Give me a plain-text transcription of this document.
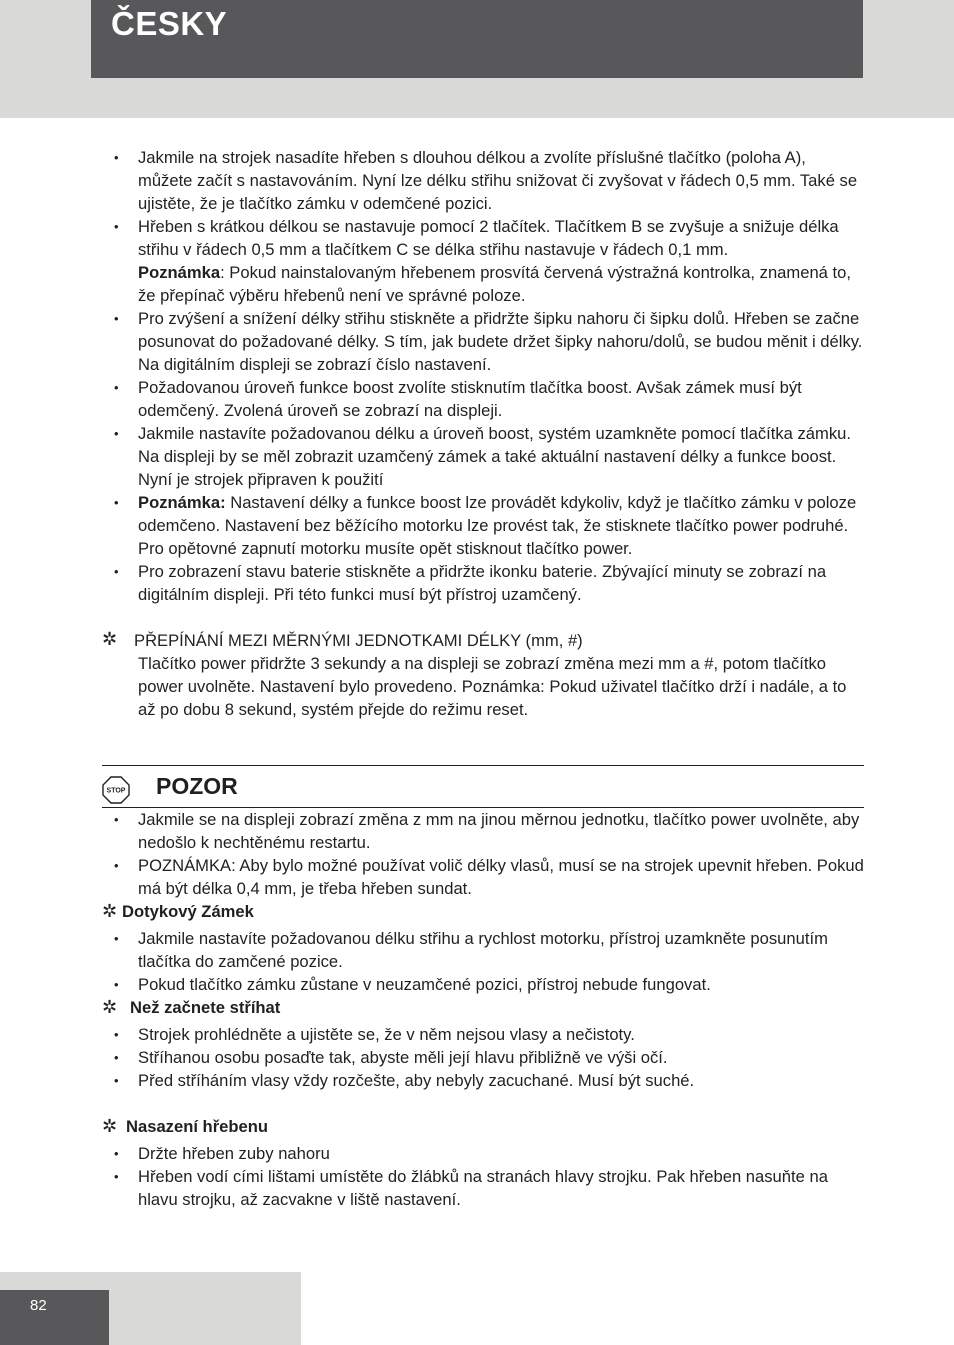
ČESKY
• Jakmile na strojek nasadíte hřeben s dlouhou délkou a zvolíte příslušné tlačítko (poloha A), můžete začít s nastavováním. Nyní lze délku střihu snižovat či zvyšovat v řádech 0,5 mm. Také se ujistěte, že je tlačítko zámku v odemčené pozici.
• Hřeben s krátkou délkou se nastavuje pomocí 2 tlačítek. Tlačítkem B se zvyšuje a snižuje délka střihu v řádech 0,5 mm a tlačítkem C se délka střihu nastavuje v řádech 0,1 mm.
Poznámka: Pokud nainstalovaným hřebenem prosvítá červená výstražná kontrolka, znamená to, že přepínač výběru hřebenů není ve správné poloze.
• Pro zvýšení a snížení délky střihu stiskněte a přidržte šipku nahoru či šipku dolů. Hřeben se začne posunovat do požadované délky. S tím, jak budete držet šipky nahoru/dolů, se budou měnit i délky. Na digitálním displeji se zobrazí číslo nastavení.
• Požadovanou úroveň funkce boost zvolíte stisknutím tlačítka boost. Avšak zámek musí být odemčený. Zvolená úroveň se zobrazí na displeji.
• Jakmile nastavíte požadovanou délku a úroveň boost, systém uzamkněte pomocí tlačítka zámku. Na displeji by se měl zobrazit uzamčený zámek a také aktuální nastavení délky a funkce boost. Nyní je strojek připraven k použití
• Poznámka: Nastavení délky a funkce boost lze provádět kdykoliv, když je tlačítko zámku v poloze odemčeno. Nastavení bez běžícího motorku lze provést tak, že stisknete tlačítko power podruhé. Pro opětovné zapnutí motorku musíte opět stisknout tlačítko power.
• Pro zobrazení stavu baterie stiskněte a přidržte ikonku baterie. Zbývající minuty se zobrazí na digitálním displeji. Při této funkci musí být přístroj uzamčený.
✲ PŘEPÍNÁNÍ MEZI MĚRNÝMI JEDNOTKAMI DÉLKY (mm, #)
Tlačítko power přidržte 3 sekundy a na displeji se zobrazí změna mezi mm a #, potom tlačítko power uvolněte. Nastavení bylo provedeno. Poznámka: Pokud uživatel tlačítko drží i nadále, a to až po dobu 8 sekund, systém přejde do režimu reset.
STOP POZOR
• Jakmile se na displeji zobrazí změna z mm na jinou měrnou jednotku, tlačítko power uvolněte, aby nedošlo k nechtěnému restartu.
• POZNÁMKA: Aby bylo možné používat volič délky vlasů, musí se na strojek upevnit hřeben. Pokud má být délka 0,4 mm, je třeba hřeben sundat.
✲ Dotykový Zámek
• Jakmile nastavíte požadovanou délku střihu a rychlost motorku, přístroj uzamkněte posunutím tlačítka do zamčené pozice.
• Pokud tlačítko zámku zůstane v neuzamčené pozici, přístroj nebude fungovat.
✲ Než začnete stříhat
• Strojek prohlédněte a ujistěte se, že v něm nejsou vlasy a nečistoty.
• Stříhanou osobu posaďte tak, abyste měli její hlavu přibližně ve výši očí.
• Před stříháním vlasy vždy rozčešte, aby nebyly zacuchané. Musí být suché.
✲ Nasazení hřebenu
• Držte hřeben zuby nahoru
• Hřeben vodí cími lištami umístěte do žlábků na stranách hlavy strojku. Pak hřeben nasuňte na hlavu strojku, až zacvakne v liště nastavení.
82
